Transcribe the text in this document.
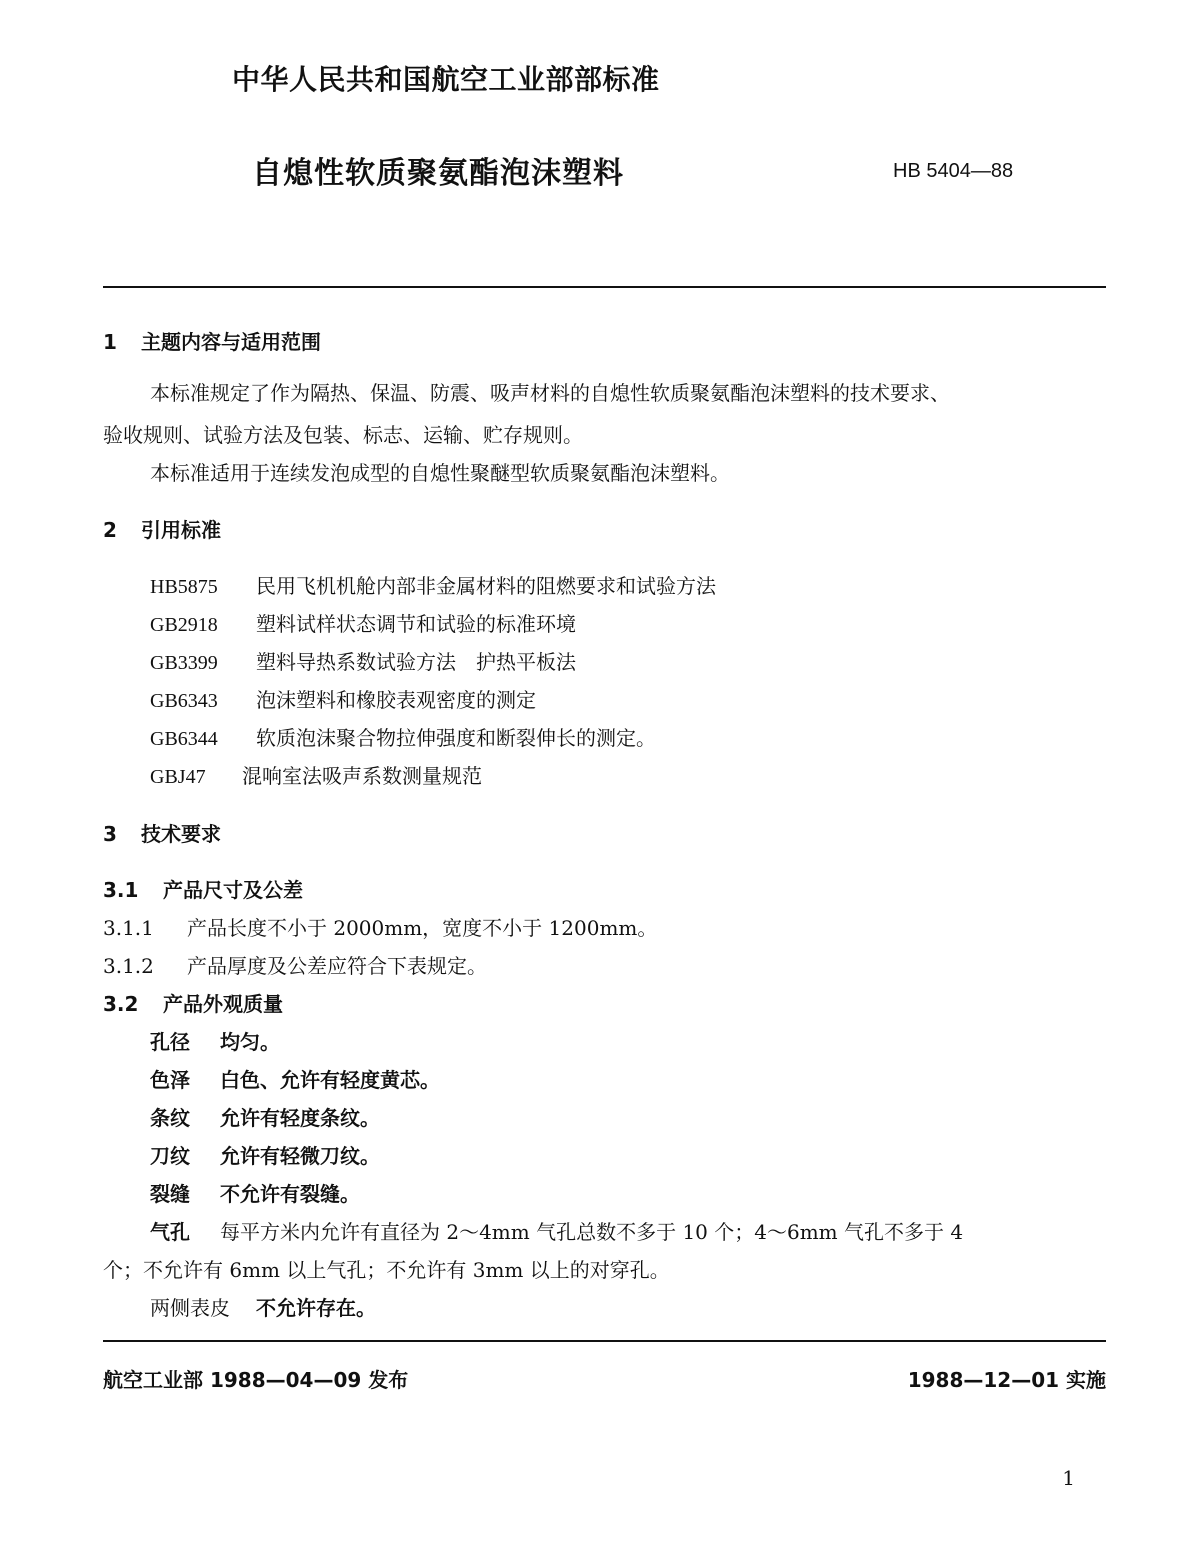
中华人民共和国航空工业部部标准
自熄性软质聚氨酯泡沫塑料	HB 5404—88
1 主题内容与适用范围
本标准规定了作为隔热、保温、防震、吸声材料的自熄性软质聚氨酯泡沫塑料的技术要求、
验收规则、试验方法及包装、标志、运输、贮存规则。
本标准适用于连续发泡成型的自熄性聚醚型软质聚氨酯泡沫塑料。
2 引用标准
HB5875 民用飞机机舱内部非金属材料的阻燃要求和试验方法
GB2918 塑料试样状态调节和试验的标准环境
GB3399 塑料导热系数试验方法　护热平板法
GB6343 泡沫塑料和橡胶表观密度的测定
GB6344 软质泡沫聚合物拉伸强度和断裂伸长的测定。
GBJ47 混响室法吸声系数测量规范
3 技术要求
3.1 产品尺寸及公差
3.1.1 产品长度不小于 2000mm，宽度不小于 1200mm。
3.1.2 产品厚度及公差应符合下表规定。
3.2 产品外观质量
孔径 均匀。
色泽 白色、允许有轻度黄芯。
条纹 允许有轻度条纹。
刀纹 允许有轻微刀纹。
裂缝 不允许有裂缝。
气孔 每平方米内允许有直径为 2～4mm 气孔总数不多于 10 个；4～6mm 气孔不多于 4
个；不允许有 6mm 以上气孔；不允许有 3mm 以上的对穿孔。
两侧表皮 不允许存在。
航空工业部 1988—04—09 发布	1988—12—01 实施
1
